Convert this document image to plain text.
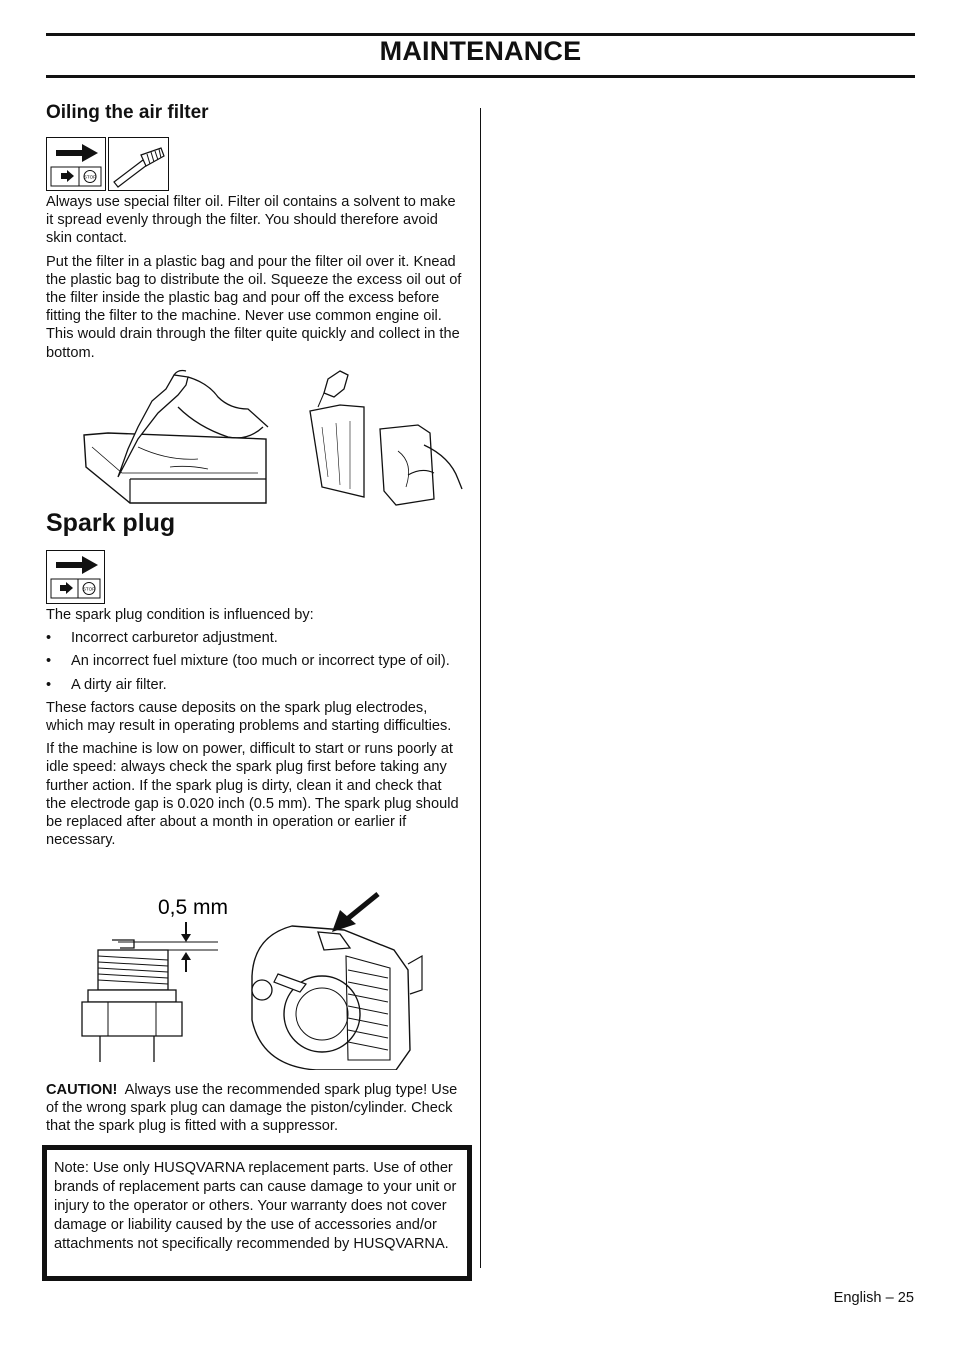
MAINTENANCE
Oiling the air filter
STOP

Always use special filter oil. Filter oil contains a solvent to make it spread evenly through the filter. You should therefore avoid skin contact.

Put the filter in a plastic bag and pour the filter oil over it. Knead the plastic bag to distribute the oil. Squeeze the excess oil out of the filter inside the plastic bag and pour off the excess before fitting the filter to the machine. Never use common engine oil. This would drain through the filter quite quickly and collect in the bottom.

Spark plug
STOP

The spark plug condition is influenced by:

• Incorrect carburetor adjustment.
• An incorrect fuel mixture (too much or incorrect type of oil).
• A dirty air filter.

These factors cause deposits on the spark plug electrodes, which may result in operating problems and starting difficulties.

If the machine is low on power, difficult to start or runs poorly at idle speed: always check the spark plug first before taking any further action. If the spark plug is dirty, clean it and check that the electrode gap is 0.020 inch (0.5 mm). The spark plug should be replaced after about a month in operation or earlier if necessary.

0,5 mm

CAUTION! Always use the recommended spark plug type! Use of the wrong spark plug can damage the piston/cylinder. Check that the spark plug is fitted with a suppressor.

Note: Use only HUSQVARNA replacement parts. Use of other brands of replacement parts can cause damage to your unit or injury to the operator or others. Your warranty does not cover damage or liability caused by the use of accessories and/or attachments not specifically recommended by HUSQVARNA.

English – 25
